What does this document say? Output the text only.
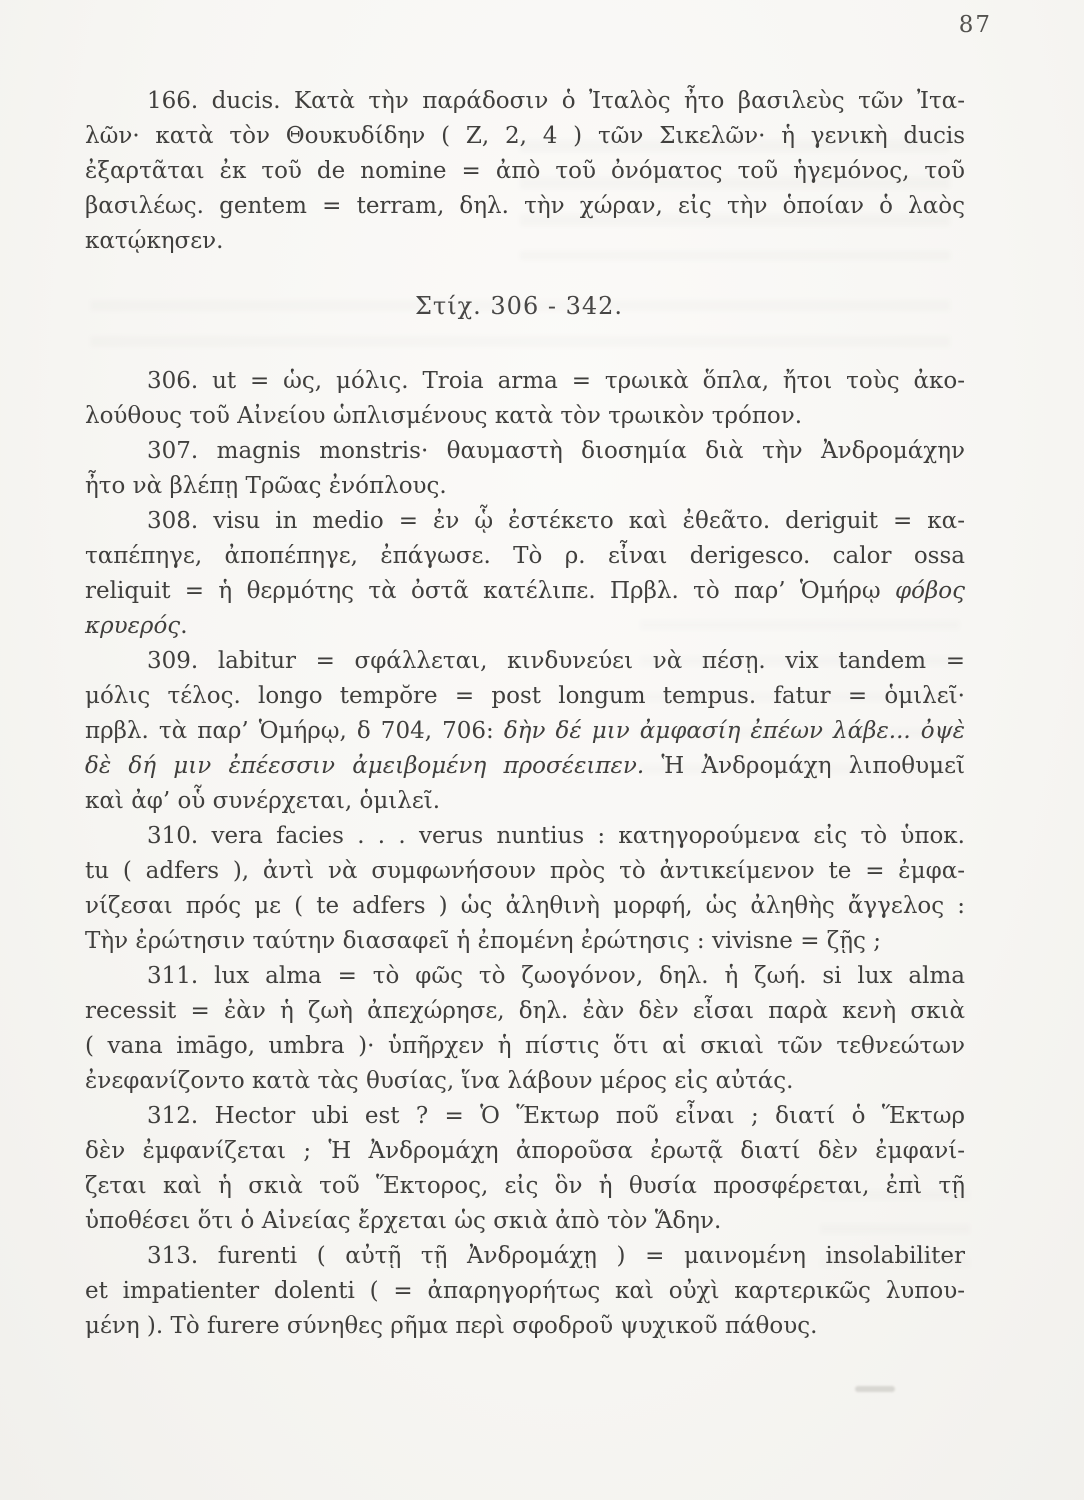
87
166. ducis. Κατὰ τὴν παράδοσιν ὁ Ἰταλὸς ἦτο βασιλεὺς τῶν Ἰτα-
λῶν· κατὰ τὸν Θουκυδίδην ( Ζ, 2, 4 ) τῶν Σικελῶν· ἡ γενικὴ ducis
ἐξαρτᾶται ἐκ τοῦ de nomine = ἀπὸ τοῦ ὀνόματος τοῦ ἡγεμόνος, τοῦ
βασιλέως. gentem = terram, δηλ. τὴν χώραν, εἰς τὴν ὁποίαν ὁ λαὸς
κατῴκησεν.
Στίχ. 306 - 342.
306. ut = ὡς, μόλις. Troia arma = τρωικὰ ὅπλα, ἤτοι τοὺς ἀκο-
λούθους τοῦ Αἰνείου ὡπλισμένους κατὰ τὸν τρωικὸν τρόπον.
307. magnis monstris· θαυμαστὴ διοσημία διὰ τὴν Ἀνδρομάχην
ἦτο νὰ βλέπῃ Τρῶας ἐνόπλους.
308. visu in medio = ἐν ᾧ ἐστέκετο καὶ ἐθεᾶτο. deriguit = κα-
ταπέπηγε, ἀποπέπηγε, ἐπάγωσε. Τὸ ρ. εἶναι derigesco. calor ossa
reliquit = ἡ θερμότης τὰ ὀστᾶ κατέλιπε. Πρβλ. τὸ παρ’ Ὁμήρῳ φόβος
κρυερός.
309. labitur = σφάλλεται, κινδυνεύει νὰ πέσῃ. vix tandem =
μόλις τέλος. longo tempŏre = post longum tempus. fatur = ὁμιλεῖ·
πρβλ. τὰ παρ’ Ὁμήρῳ, δ 704, 706: δὴν δέ μιν ἀμφασίη ἐπέων λάβε... ὀψὲ
δὲ δή μιν ἐπέεσσιν ἀμειβομένη προσέειπεν. Ἡ Ἀνδρομάχη λιποθυμεῖ
καὶ ἀφ’ οὗ συνέρχεται, ὁμιλεῖ.
310. vera facies . . . verus nuntius : κατηγορούμενα εἰς τὸ ὑποκ.
tu ( adfers ), ἀντὶ νὰ συμφωνήσουν πρὸς τὸ ἀντικείμενον te = ἐμφα-
νίζεσαι πρός με ( te adfers ) ὡς ἀληθινὴ μορφή, ὡς ἀληθὴς ἄγγελος :
Τὴν ἐρώτησιν ταύτην διασαφεῖ ἡ ἐπομένη ἐρώτησις : vivisne = ζῇς ;
311. lux alma = τὸ φῶς τὸ ζωογόνον, δηλ. ἡ ζωή. si lux alma
recessit = ἐὰν ἡ ζωὴ ἀπεχώρησε, δηλ. ἐὰν δὲν εἶσαι παρὰ κενὴ σκιὰ
( vana imāgo, umbra )· ὑπῆρχεν ἡ πίστις ὅτι αἱ σκιαὶ τῶν τεθνεώτων
ἐνεφανίζοντο κατὰ τὰς θυσίας, ἵνα λάβουν μέρος εἰς αὐτάς.
312. Hector ubi est ? = Ὁ Ἕκτωρ ποῦ εἶναι ; διατί ὁ Ἕκτωρ
δὲν ἐμφανίζεται ; Ἡ Ἀνδρομάχη ἀποροῦσα ἐρωτᾷ διατί δὲν ἐμφανί-
ζεται καὶ ἡ σκιὰ τοῦ Ἕκτορος, εἰς ὃν ἡ θυσία προσφέρεται, ἐπὶ τῇ
ὑποθέσει ὅτι ὁ Αἰνείας ἔρχεται ὡς σκιὰ ἀπὸ τὸν Ἅδην.
313. furenti ( αὐτῇ τῇ Ἀνδρομάχῃ ) = μαινομένη insolabiliter
et impatienter dolenti ( = ἀπαρηγορήτως καὶ οὐχὶ καρτερικῶς λυπου-
μένη ). Τὸ furere σύνηθες ρῆμα περὶ σφοδροῦ ψυχικοῦ πάθους.
